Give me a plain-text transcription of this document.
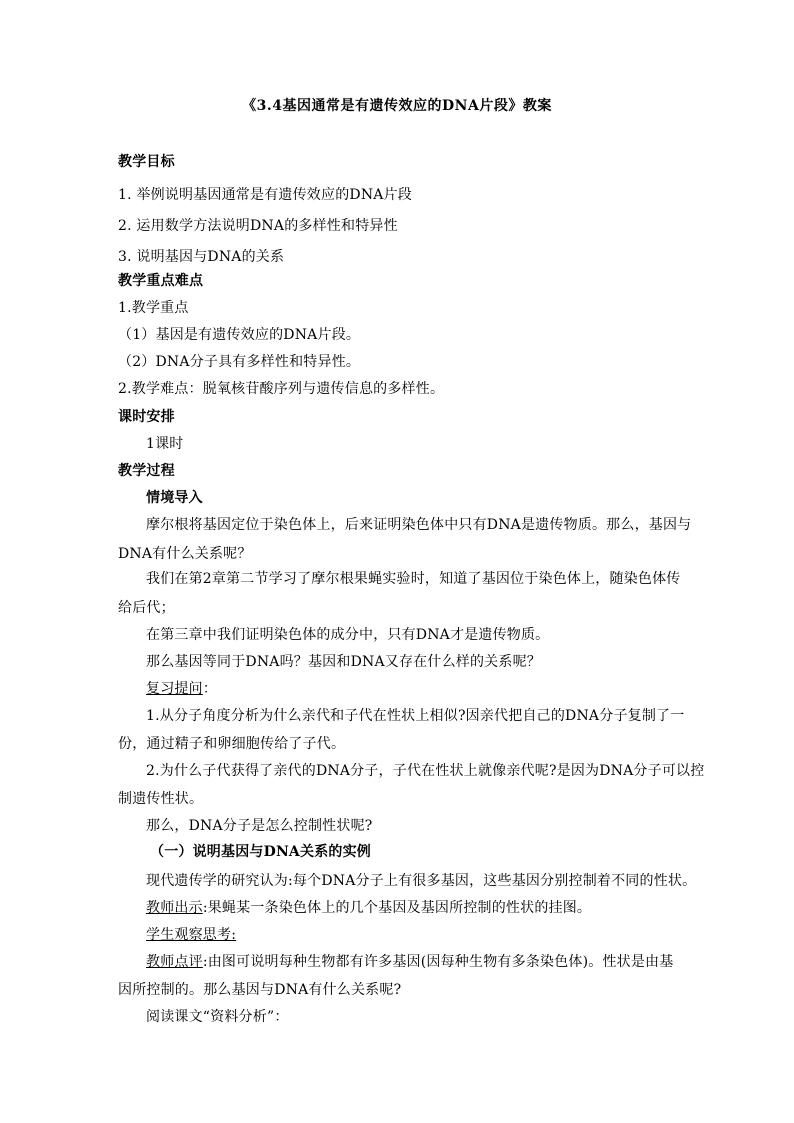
《3.4基因通常是有遗传效应的DNA片段》教案
教学目标
1. 举例说明基因通常是有遗传效应的DNA片段
2. 运用数学方法说明DNA的多样性和特异性
3. 说明基因与DNA的关系
教学重点难点
1.教学重点
（1）基因是有遗传效应的DNA片段。
（2）DNA分子具有多样性和特异性。
2.教学难点：脱氧核苷酸序列与遗传信息的多样性。
课时安排
1课时
教学过程
情境导入
摩尔根将基因定位于染色体上，后来证明染色体中只有DNA是遗传物质。那么，基因与
DNA有什么关系呢？
我们在第2章第二节学习了摩尔根果蝇实验时，知道了基因位于染色体上，随染色体传
给后代；
在第三章中我们证明染色体的成分中，只有DNA才是遗传物质。
那么基因等同于DNA吗？基因和DNA又存在什么样的关系呢？
复习提问：
1.从分子角度分析为什么亲代和子代在性状上相似?因亲代把自己的DNA分子复制了一
份，通过精子和卵细胞传给了子代。
2.为什么子代获得了亲代的DNA分子，子代在性状上就像亲代呢?是因为DNA分子可以控
制遗传性状。
那么，DNA分子是怎么控制性状呢?
（一）说明基因与DNA关系的实例
现代遗传学的研究认为:每个DNA分子上有很多基因，这些基因分别控制着不同的性状。
教师出示:果蝇某一条染色体上的几个基因及基因所控制的性状的挂图。
学生观察思考:
教师点评:由图可说明每种生物都有许多基因(因每种生物有多条染色体)。性状是由基
因所控制的。那么基因与DNA有什么关系呢?
阅读课文“资料分析”：
